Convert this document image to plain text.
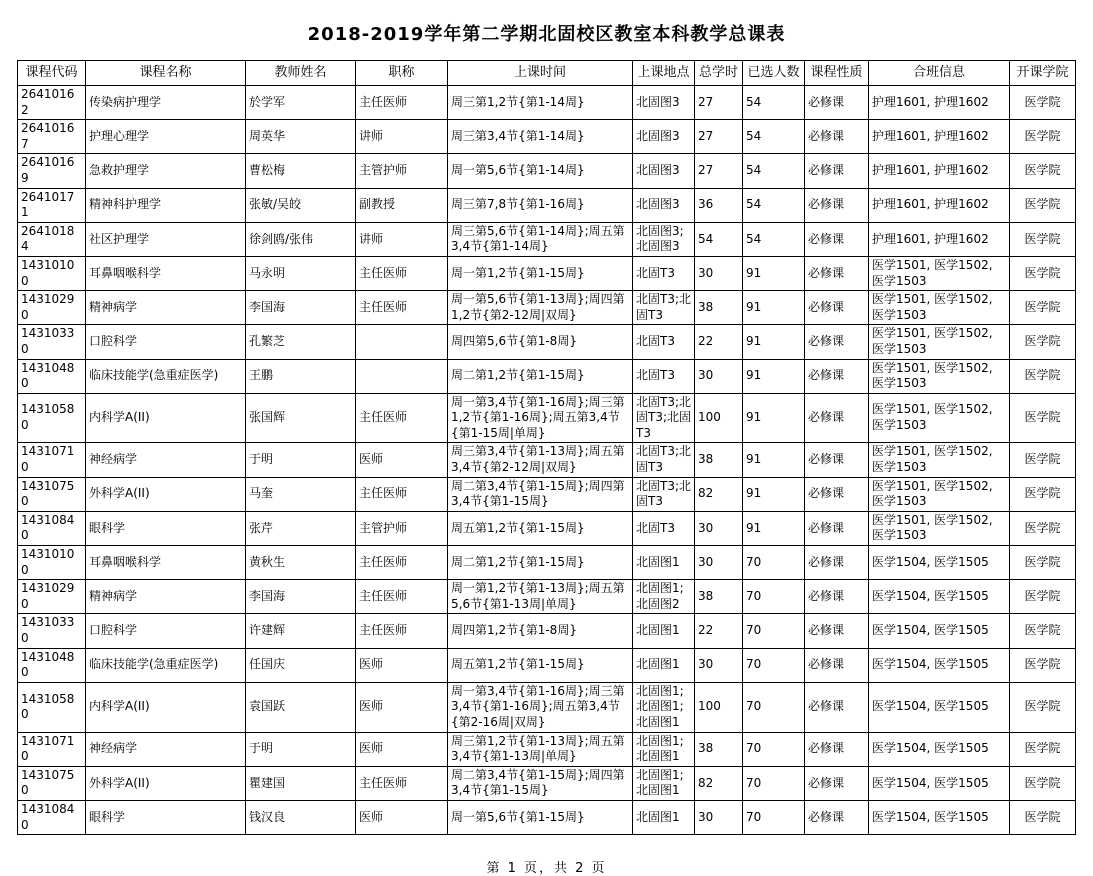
2018-2019学年第二学期北固校区教室本科教学总课表
课程代码	课程名称	教师姓名	职称	上课时间	上课地点	总学时	已选人数	课程性质	合班信息	开课学院
26410162	传染病护理学	於学军	主任医师	周三第1,2节{第1-14周}	北固图3	27	54	必修课	护理1601, 护理1602	医学院
26410167	护理心理学	周英华	讲师	周三第3,4节{第1-14周}	北固图3	27	54	必修课	护理1601, 护理1602	医学院
26410169	急救护理学	曹松梅	主管护师	周一第5,6节{第1-14周}	北固图3	27	54	必修课	护理1601, 护理1602	医学院
26410171	精神科护理学	张敏/吴皎	副教授	周三第7,8节{第1-16周}	北固图3	36	54	必修课	护理1601, 护理1602	医学院
26410184	社区护理学	徐剑鸥/张伟	讲师	周三第5,6节{第1-14周};周五第3,4节{第1-14周}	北固图3;北固图3	54	54	必修课	护理1601, 护理1602	医学院
14310100	耳鼻咽喉科学	马永明	主任医师	周一第1,2节{第1-15周}	北固T3	30	91	必修课	医学1501, 医学1502, 医学1503	医学院
14310290	精神病学	李国海	主任医师	周一第5,6节{第1-13周};周四第1,2节{第2-12周|双周}	北固T3;北固T3	38	91	必修课	医学1501, 医学1502, 医学1503	医学院
14310330	口腔科学	孔繁芝		周四第5,6节{第1-8周}	北固T3	22	91	必修课	医学1501, 医学1502, 医学1503	医学院
14310480	临床技能学(急重症医学)	王鹏		周二第1,2节{第1-15周}	北固T3	30	91	必修课	医学1501, 医学1502, 医学1503	医学院
14310580	内科学A(II)	张国辉	主任医师	周一第3,4节{第1-16周};周三第1,2节{第1-16周};周五第3,4节{第1-15周|单周}	北固T3;北固T3;北固T3	100	91	必修课	医学1501, 医学1502, 医学1503	医学院
14310710	神经病学	于明	医师	周三第3,4节{第1-13周};周五第3,4节{第2-12周|双周}	北固T3;北固T3	38	91	必修课	医学1501, 医学1502, 医学1503	医学院
14310750	外科学A(II)	马奎	主任医师	周二第3,4节{第1-15周};周四第3,4节{第1-15周}	北固T3;北固T3	82	91	必修课	医学1501, 医学1502, 医学1503	医学院
14310840	眼科学	张芹	主管护师	周五第1,2节{第1-15周}	北固T3	30	91	必修课	医学1501, 医学1502, 医学1503	医学院
14310100	耳鼻咽喉科学	黄秋生	主任医师	周二第1,2节{第1-15周}	北固图1	30	70	必修课	医学1504, 医学1505	医学院
14310290	精神病学	李国海	主任医师	周一第1,2节{第1-13周};周五第5,6节{第1-13周|单周}	北固图1;北固图2	38	70	必修课	医学1504, 医学1505	医学院
14310330	口腔科学	许建辉	主任医师	周四第1,2节{第1-8周}	北固图1	22	70	必修课	医学1504, 医学1505	医学院
14310480	临床技能学(急重症医学)	任国庆	医师	周五第1,2节{第1-15周}	北固图1	30	70	必修课	医学1504, 医学1505	医学院
14310580	内科学A(II)	袁国跃	医师	周一第3,4节{第1-16周};周三第3,4节{第1-16周};周五第3,4节{第2-16周|双周}	北固图1;北固图1;北固图1	100	70	必修课	医学1504, 医学1505	医学院
14310710	神经病学	于明	医师	周三第1,2节{第1-13周};周五第3,4节{第1-13周|单周}	北固图1;北固图1	38	70	必修课	医学1504, 医学1505	医学院
14310750	外科学A(II)	瞿建国	主任医师	周二第3,4节{第1-15周};周四第3,4节{第1-15周}	北固图1;北固图1	82	70	必修课	医学1504, 医学1505	医学院
14310840	眼科学	钱汉良	医师	周一第5,6节{第1-15周}	北固图1	30	70	必修课	医学1504, 医学1505	医学院
第 1 页，共 2 页
